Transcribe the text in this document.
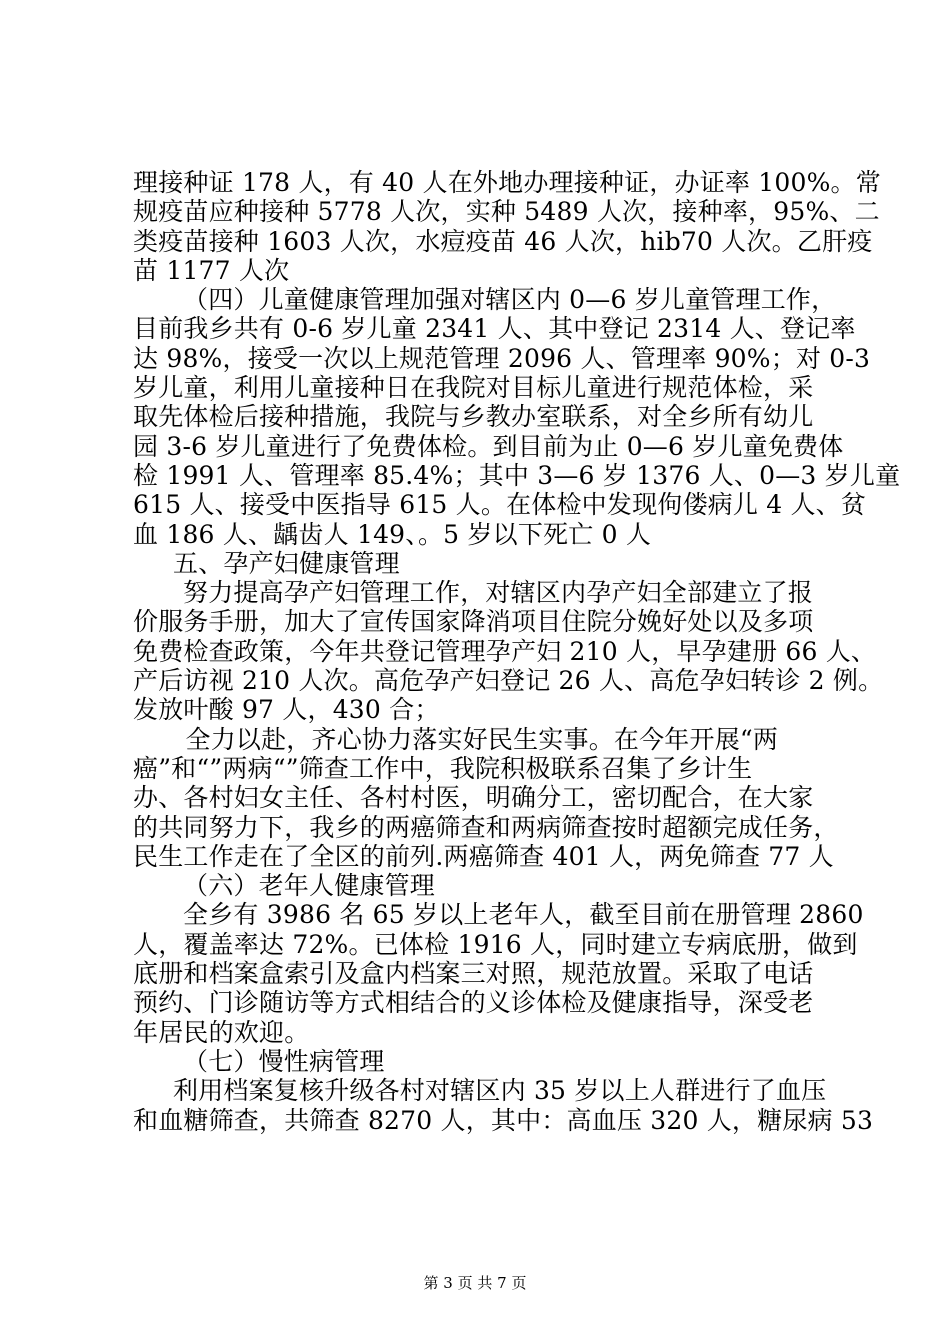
理接种证 178 人，有 40 人在外地办理接种证，办证率 100%。常
规疫苗应种接种 5778 人次，实种 5489 人次，接种率，95%、二
类疫苗接种 1603 人次，水痘疫苗 46 人次，hib70 人次。乙肝疫
苗 1177 人次
（四）儿童健康管理加强对辖区内 0—6 岁儿童管理工作，
目前我乡共有 0-6 岁儿童 2341 人、其中登记 2314 人、登记率
达 98%，接受一次以上规范管理 2096 人、管理率 90%；对 0-3
岁儿童，利用儿童接种日在我院对目标儿童进行规范体检，采
取先体检后接种措施，我院与乡教办室联系，对全乡所有幼儿
园 3-6 岁儿童进行了免费体检。到目前为止 0—6 岁儿童免费体
检 1991 人、管理率 85.4%；其中 3—6 岁 1376 人、0—3 岁儿童
615 人、接受中医指导 615 人。在体检中发现佝偻病儿 4 人、贫
血 186 人、龋齿人 149、。5 岁以下死亡 0 人
五、孕产妇健康管理
努力提高孕产妇管理工作，对辖区内孕产妇全部建立了报
价服务手册，加大了宣传国家降消项目住院分娩好处以及多项
免费检查政策，今年共登记管理孕产妇 210 人，早孕建册 66 人、
产后访视 210 人次。高危孕产妇登记 26 人、高危孕妇转诊 2 例。
发放叶酸 97 人，430 合；
全力以赴，齐心协力落实好民生实事。在今年开展“两
癌”和“”两病“”筛查工作中，我院积极联系召集了乡计生
办、各村妇女主任、各村村医，明确分工，密切配合，在大家
的共同努力下，我乡的两癌筛查和两病筛查按时超额完成任务，
民生工作走在了全区的前列.两癌筛查 401 人，两免筛查 77 人
（六）老年人健康管理
全乡有 3986 名 65 岁以上老年人，截至目前在册管理 2860
人，覆盖率达 72%。已体检 1916 人，同时建立专病底册，做到
底册和档案盒索引及盒内档案三对照，规范放置。采取了电话
预约、门诊随访等方式相结合的义诊体检及健康指导，深受老
年居民的欢迎。
（七）慢性病管理
利用档案复核升级各村对辖区内 35 岁以上人群进行了血压
和血糖筛查，共筛查 8270 人，其中：高血压 320 人，糖尿病 53
第 3 页 共 7 页
